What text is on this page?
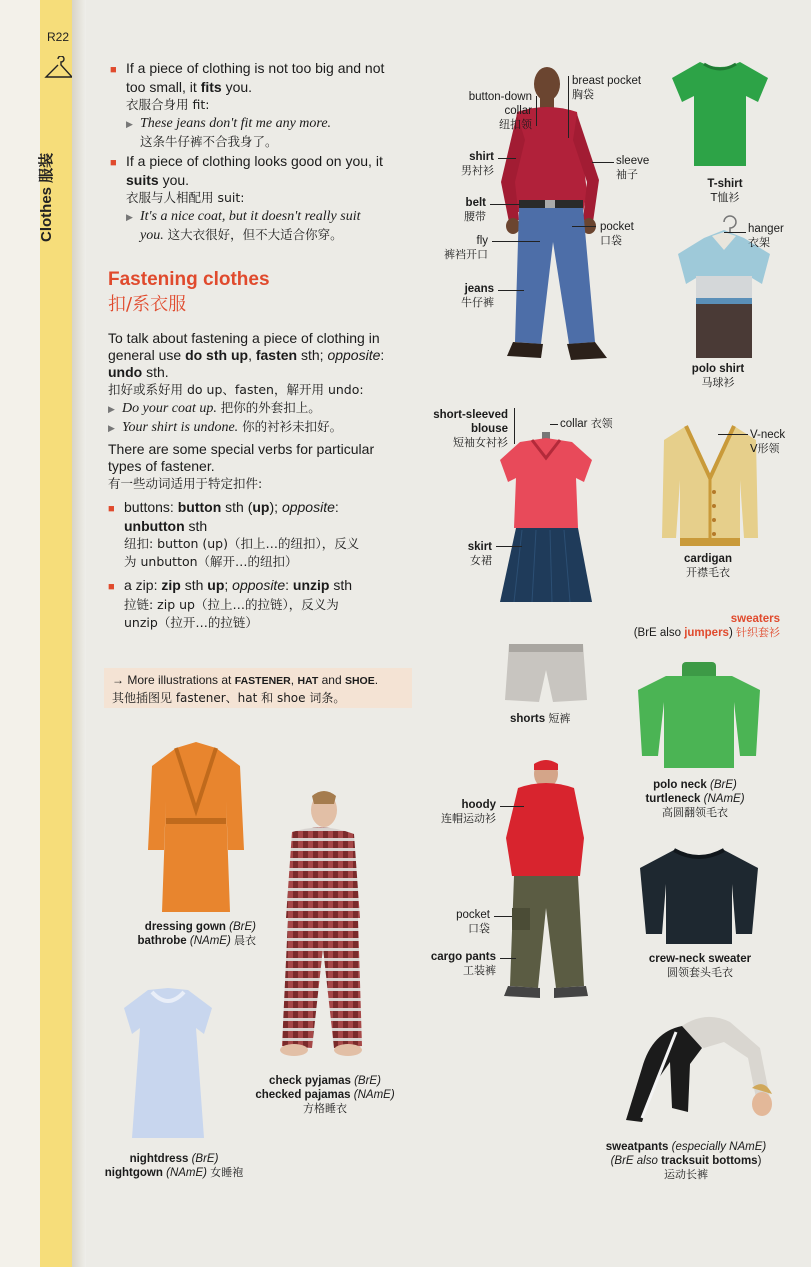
R22
Clothes 服装
■ If a piece of clothing is not too big and not
too small, it fits you.
衣服合身用 fit:
▶ These jeans don't fit me any more.
这条牛仔裤不合我身了。
■ If a piece of clothing looks good on you, it
suits you.
衣服与人相配用 suit:
▶ It's a nice coat, but it doesn't really suit
you. 这大衣很好，但不大适合你穿。
Fastening clothes
扣/系衣服
To talk about fastening a piece of clothing in
general use do sth up, fasten sth; opposite:
undo sth.
扣好或系好用 do up、fasten，解开用 undo:
▶ Do your coat up. 把你的外套扣上。
▶ Your shirt is undone. 你的衬衫未扣好。
There are some special verbs for particular
types of fastener.
有一些动词适用于特定扣件:
■ buttons: button sth (up); opposite:
unbutton sth
纽扣: button (up)（扣上…的纽扣），反义
为 unbutton（解开…的纽扣）
■ a zip: zip sth up; opposite: unzip sth
拉链: zip up（拉上…的拉链），反义为
unzip（拉开…的拉链）
→ More illustrations at FASTENER, HAT and SHOE.
其他插图见 fastener、hat 和 shoe 词条。
breast pocket
胸袋
button-down
collar
纽扣领
shirt
男衬衫
sleeve
袖子
belt
腰带
pocket
口袋
fly
裤裆开口
jeans
牛仔裤
T-shirt
T恤衫
hanger
衣架
polo shirt
马球衫
short-sleeved
blouse
短袖女衬衫
collar 衣领
V-neck
V形领
skirt
女裙	cardigan
开襟毛衣
sweaters
(BrE also jumpers) 针织套衫
shorts 短裤
polo neck (BrE)
turtleneck (NAmE)
高圆翻领毛衣
hoody
连帽运动衫
pocket
口袋
cargo pants
工装裤
crew-neck sweater
圆领套头毛衣
dressing gown (BrE)
bathrobe (NAmE) 晨衣
check pyjamas (BrE)
checked pajamas (NAmE)
方格睡衣
nightdress (BrE)
nightgown (NAmE) 女睡袍
sweatpants (especially NAmE)
(BrE also tracksuit bottoms)
运动长裤
